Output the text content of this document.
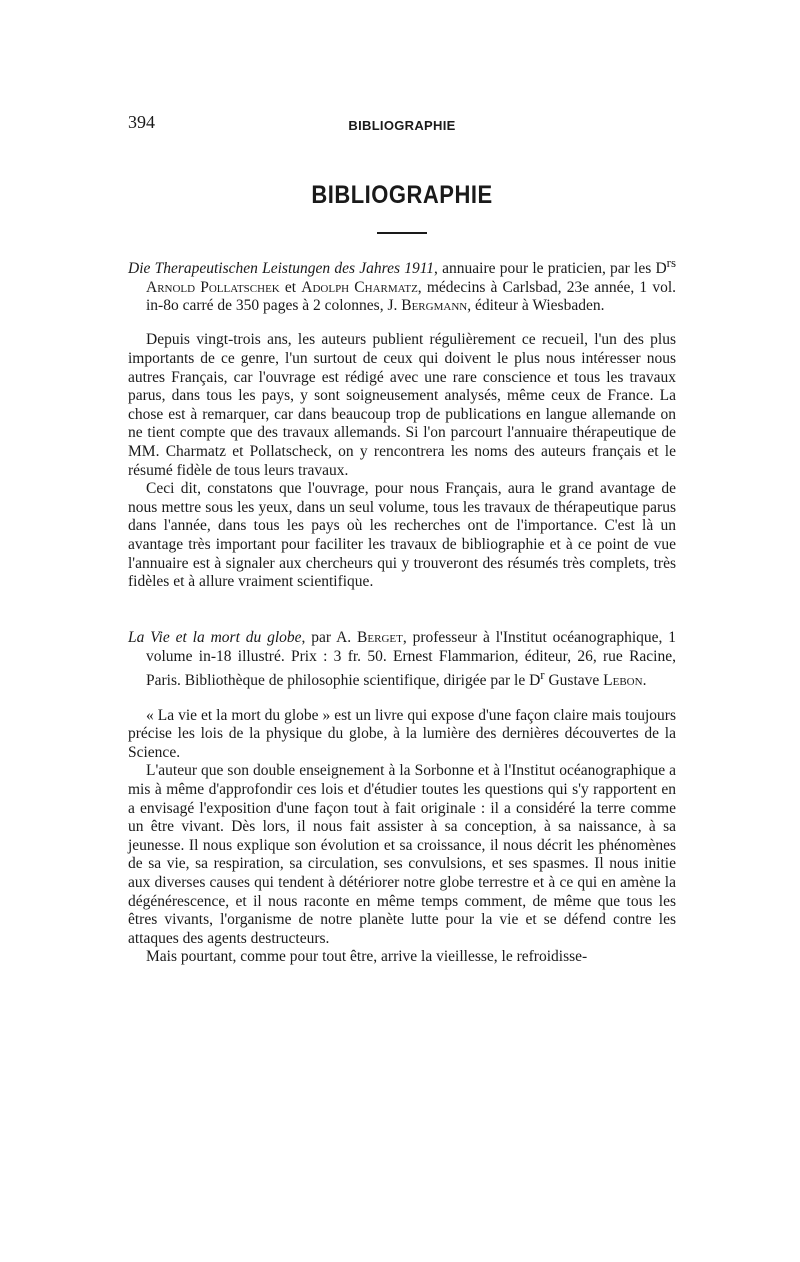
394	BIBLIOGRAPHIE
BIBLIOGRAPHIE

Die Therapeutischen Leistungen des Jahres 1911, annuaire pour le praticien, par les $D^{rs}$ Arnold Pollatschek et Adolph Charmatz, médecins à Carlsbad, 23e année, 1 vol. in-8o carré de 350 pages à 2 colonnes, J. Bergmann, éditeur à Wiesbaden.

Depuis vingt-trois ans, les auteurs publient régulièrement ce recueil, l'un des plus importants de ce genre, l'un surtout de ceux qui doivent le plus nous intéresser nous autres Français, car l'ouvrage est rédigé avec une rare conscience et tous les travaux parus, dans tous les pays, y sont soigneusement analysés, même ceux de France. La chose est à remarquer, car dans beaucoup trop de publications en langue allemande on ne tient compte que des travaux allemands. Si l'on parcourt l'annuaire thérapeutique de MM. Charmatz et Pollatscheck, on y rencontrera les noms des auteurs français et le résumé fidèle de tous leurs travaux.

Ceci dit, constatons que l'ouvrage, pour nous Français, aura le grand avantage de nous mettre sous les yeux, dans un seul volume, tous les travaux de thérapeutique parus dans l'année, dans tous les pays où les recherches ont de l'importance. C'est là un avantage très important pour faciliter les travaux de bibliographie et à ce point de vue l'annuaire est à signaler aux chercheurs qui y trouveront des résumés très complets, très fidèles et à allure vraiment scientifique.

La Vie et la mort du globe, par A. Berget, professeur à l'Institut océanographique, 1 volume in-18 illustré. Prix : 3 fr. 50. Ernest Flammarion, éditeur, 26, rue Racine, Paris. Bibliothèque de philosophie scientifique, dirigée par le $D^r$ Gustave Lebon.

« La vie et la mort du globe » est un livre qui expose d'une façon claire mais toujours précise les lois de la physique du globe, à la lumière des dernières découvertes de la Science.

L'auteur que son double enseignement à la Sorbonne et à l'Institut océanographique a mis à même d'approfondir ces lois et d'étudier toutes les questions qui s'y rapportent en a envisagé l'exposition d'une façon tout à fait originale : il a considéré la terre comme un être vivant. Dès lors, il nous fait assister à sa conception, à sa naissance, à sa jeunesse. Il nous explique son évolution et sa croissance, il nous décrit les phénomènes de sa vie, sa respiration, sa circulation, ses convulsions, et ses spasmes. Il nous initie aux diverses causes qui tendent à détériorer notre globe terrestre et à ce qui en amène la dégénérescence, et il nous raconte en même temps comment, de même que tous les êtres vivants, l'organisme de notre planète lutte pour la vie et se défend contre les attaques des agents destructeurs.

Mais pourtant, comme pour tout être, arrive la vieillesse, le refroidisse-
